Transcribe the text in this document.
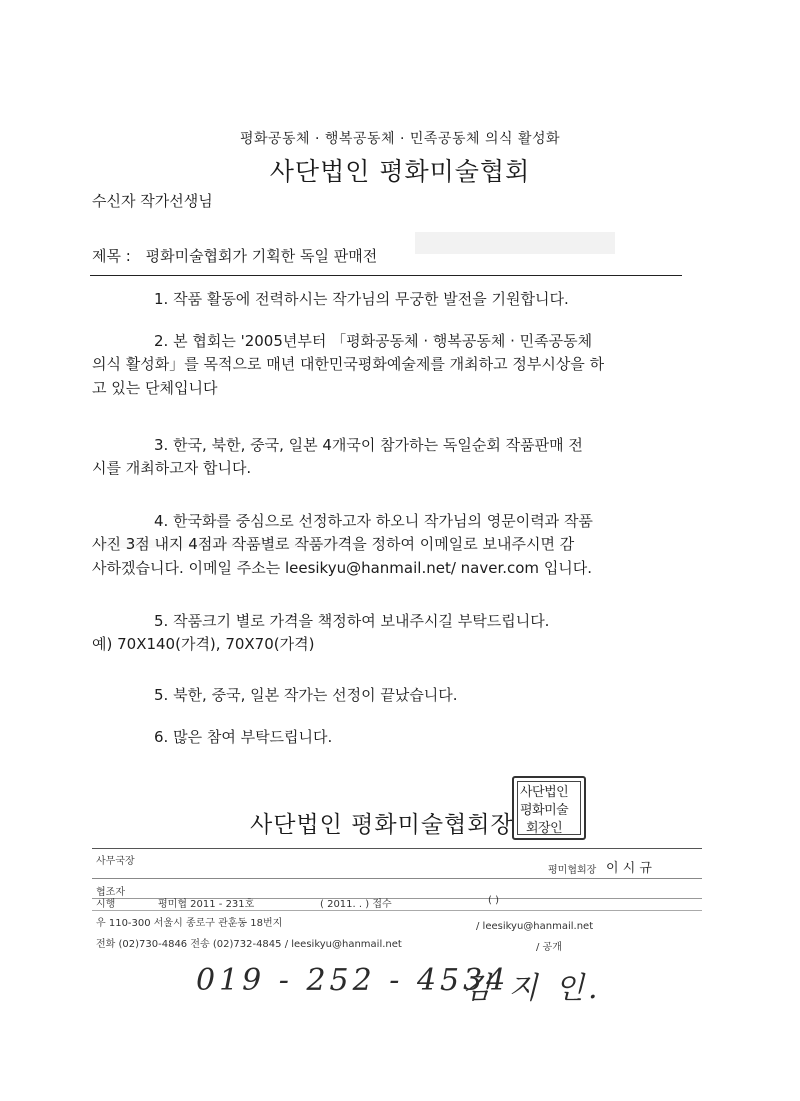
평화공동체 · 행복공동체 · 민족공동체 의식 활성화
사단법인 평화미술협회
수신자 작가선생님
제목 : 평화미술협회가 기획한 독일 판매전
1. 작품 활동에 전력하시는 작가님의 무궁한 발전을 기원합니다.
2. 본 협회는 '2005년부터 「평화공동체 · 행복공동체 · 민족공동체
의식 활성화」를 목적으로 매년 대한민국평화예술제를 개최하고 정부시상을 하
고 있는 단체입니다
3. 한국, 북한, 중국, 일본 4개국이 참가하는 독일순회 작품판매 전
시를 개최하고자 합니다.
4. 한국화를 중심으로 선정하고자 하오니 작가님의 영문이력과 작품
사진 3점 내지 4점과 작품별로 작품가격을 정하여 이메일로 보내주시면 감
사하겠습니다. 이메일 주소는 leesikyu@hanmail.net/ naver.com 입니다.
5. 작품크기 별로 가격을 책정하여 보내주시길 부탁드립니다.
예) 70X140(가격), 70X70(가격)
5. 북한, 중국, 일본 작가는 선정이 끝났습니다.
6. 많은 참여 부탁드립니다.
사단법인 평화미술협회장
사단법인
평화미술
회장인
사무국장
평미협회장 이 시 규
협조자
시행	평미협 2011 - 231호	( 2011. . ) 접수	( )
우 110-300 서울시 종로구 관훈동 18번지	/ leesikyu@hanmail.net
전화 (02)730-4846 전송 (02)732-4845 / leesikyu@hanmail.net	/ 공개
019 - 252 - 4534
김 지 인.
